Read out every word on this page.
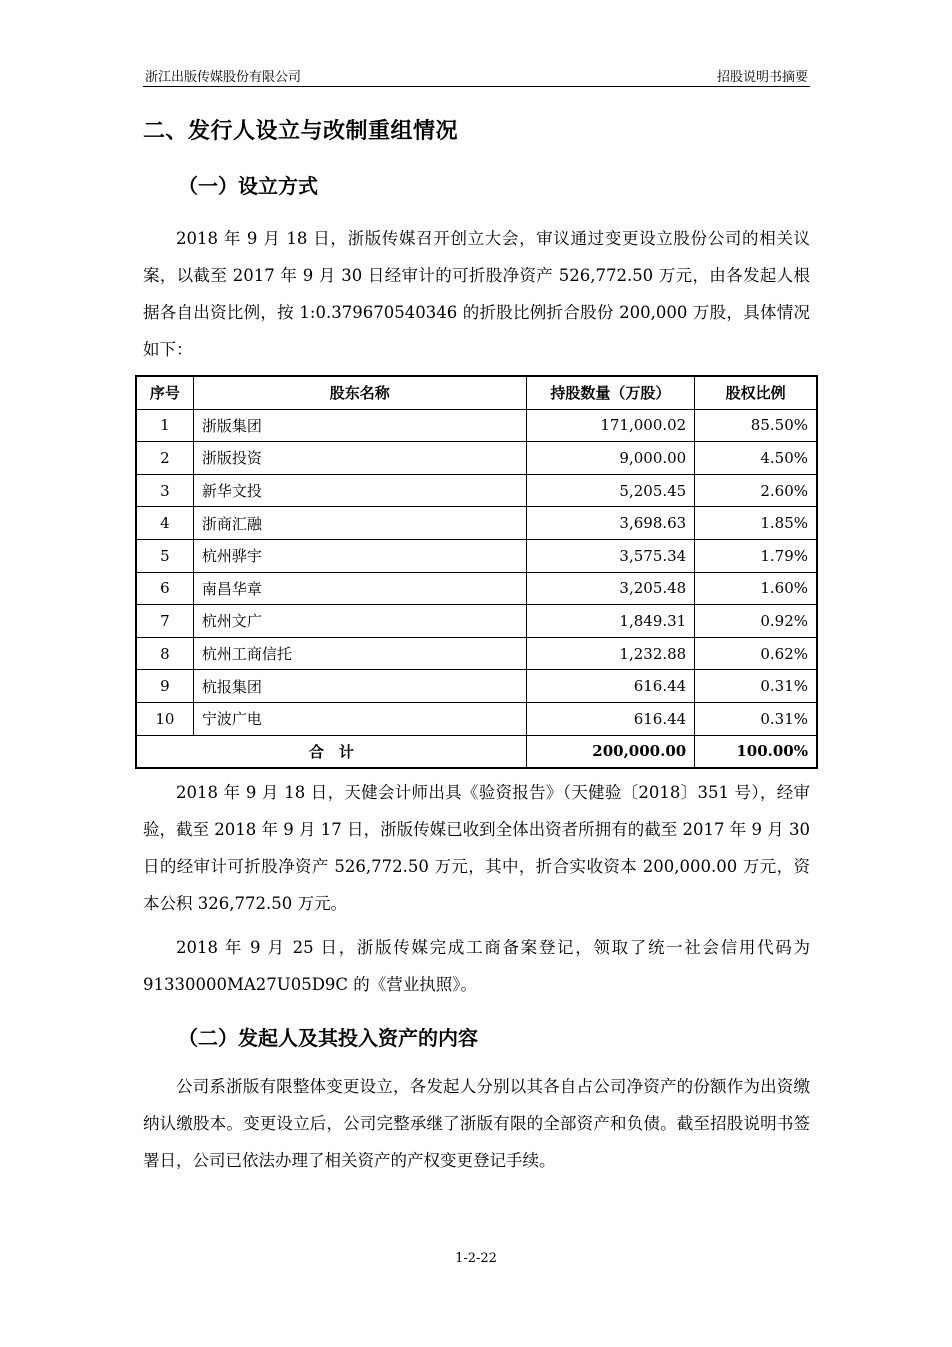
浙江出版传媒股份有限公司	招股说明书摘要
二、发行人设立与改制重组情况
（一）设立方式
2018 年 9 月 18 日，浙版传媒召开创立大会，审议通过变更设立股份公司的相关议案，以截至 2017 年 9 月 30 日经审计的可折股净资产 526,772.50 万元，由各发起人根据各自出资比例，按 1:0.379670540346 的折股比例折合股份 200,000 万股，具体情况如下：
序号	股东名称	持股数量（万股）	股权比例
1	浙版集团	171,000.02	85.50%
2	浙版投资	9,000.00	4.50%
3	新华文投	5,205.45	2.60%
4	浙商汇融	3,698.63	1.85%
5	杭州骅宇	3,575.34	1.79%
6	南昌华章	3,205.48	1.60%
7	杭州文广	1,849.31	0.92%
8	杭州工商信托	1,232.88	0.62%
9	杭报集团	616.44	0.31%
10	宁波广电	616.44	0.31%
合　计		200,000.00	100.00%
2018 年 9 月 18 日，天健会计师出具《验资报告》（天健验〔2018〕351 号），经审验，截至 2018 年 9 月 17 日，浙版传媒已收到全体出资者所拥有的截至 2017 年 9 月 30 日的经审计可折股净资产 526,772.50 万元，其中，折合实收资本 200,000.00 万元，资本公积 326,772.50 万元。
2018 年 9 月 25 日，浙版传媒完成工商备案登记，领取了统一社会信用代码为 91330000MA27U05D9C 的《营业执照》。
（二）发起人及其投入资产的内容
公司系浙版有限整体变更设立，各发起人分别以其各自占公司净资产的份额作为出资缴纳认缴股本。变更设立后，公司完整承继了浙版有限的全部资产和负债。截至招股说明书签署日，公司已依法办理了相关资产的产权变更登记手续。
1-2-22
